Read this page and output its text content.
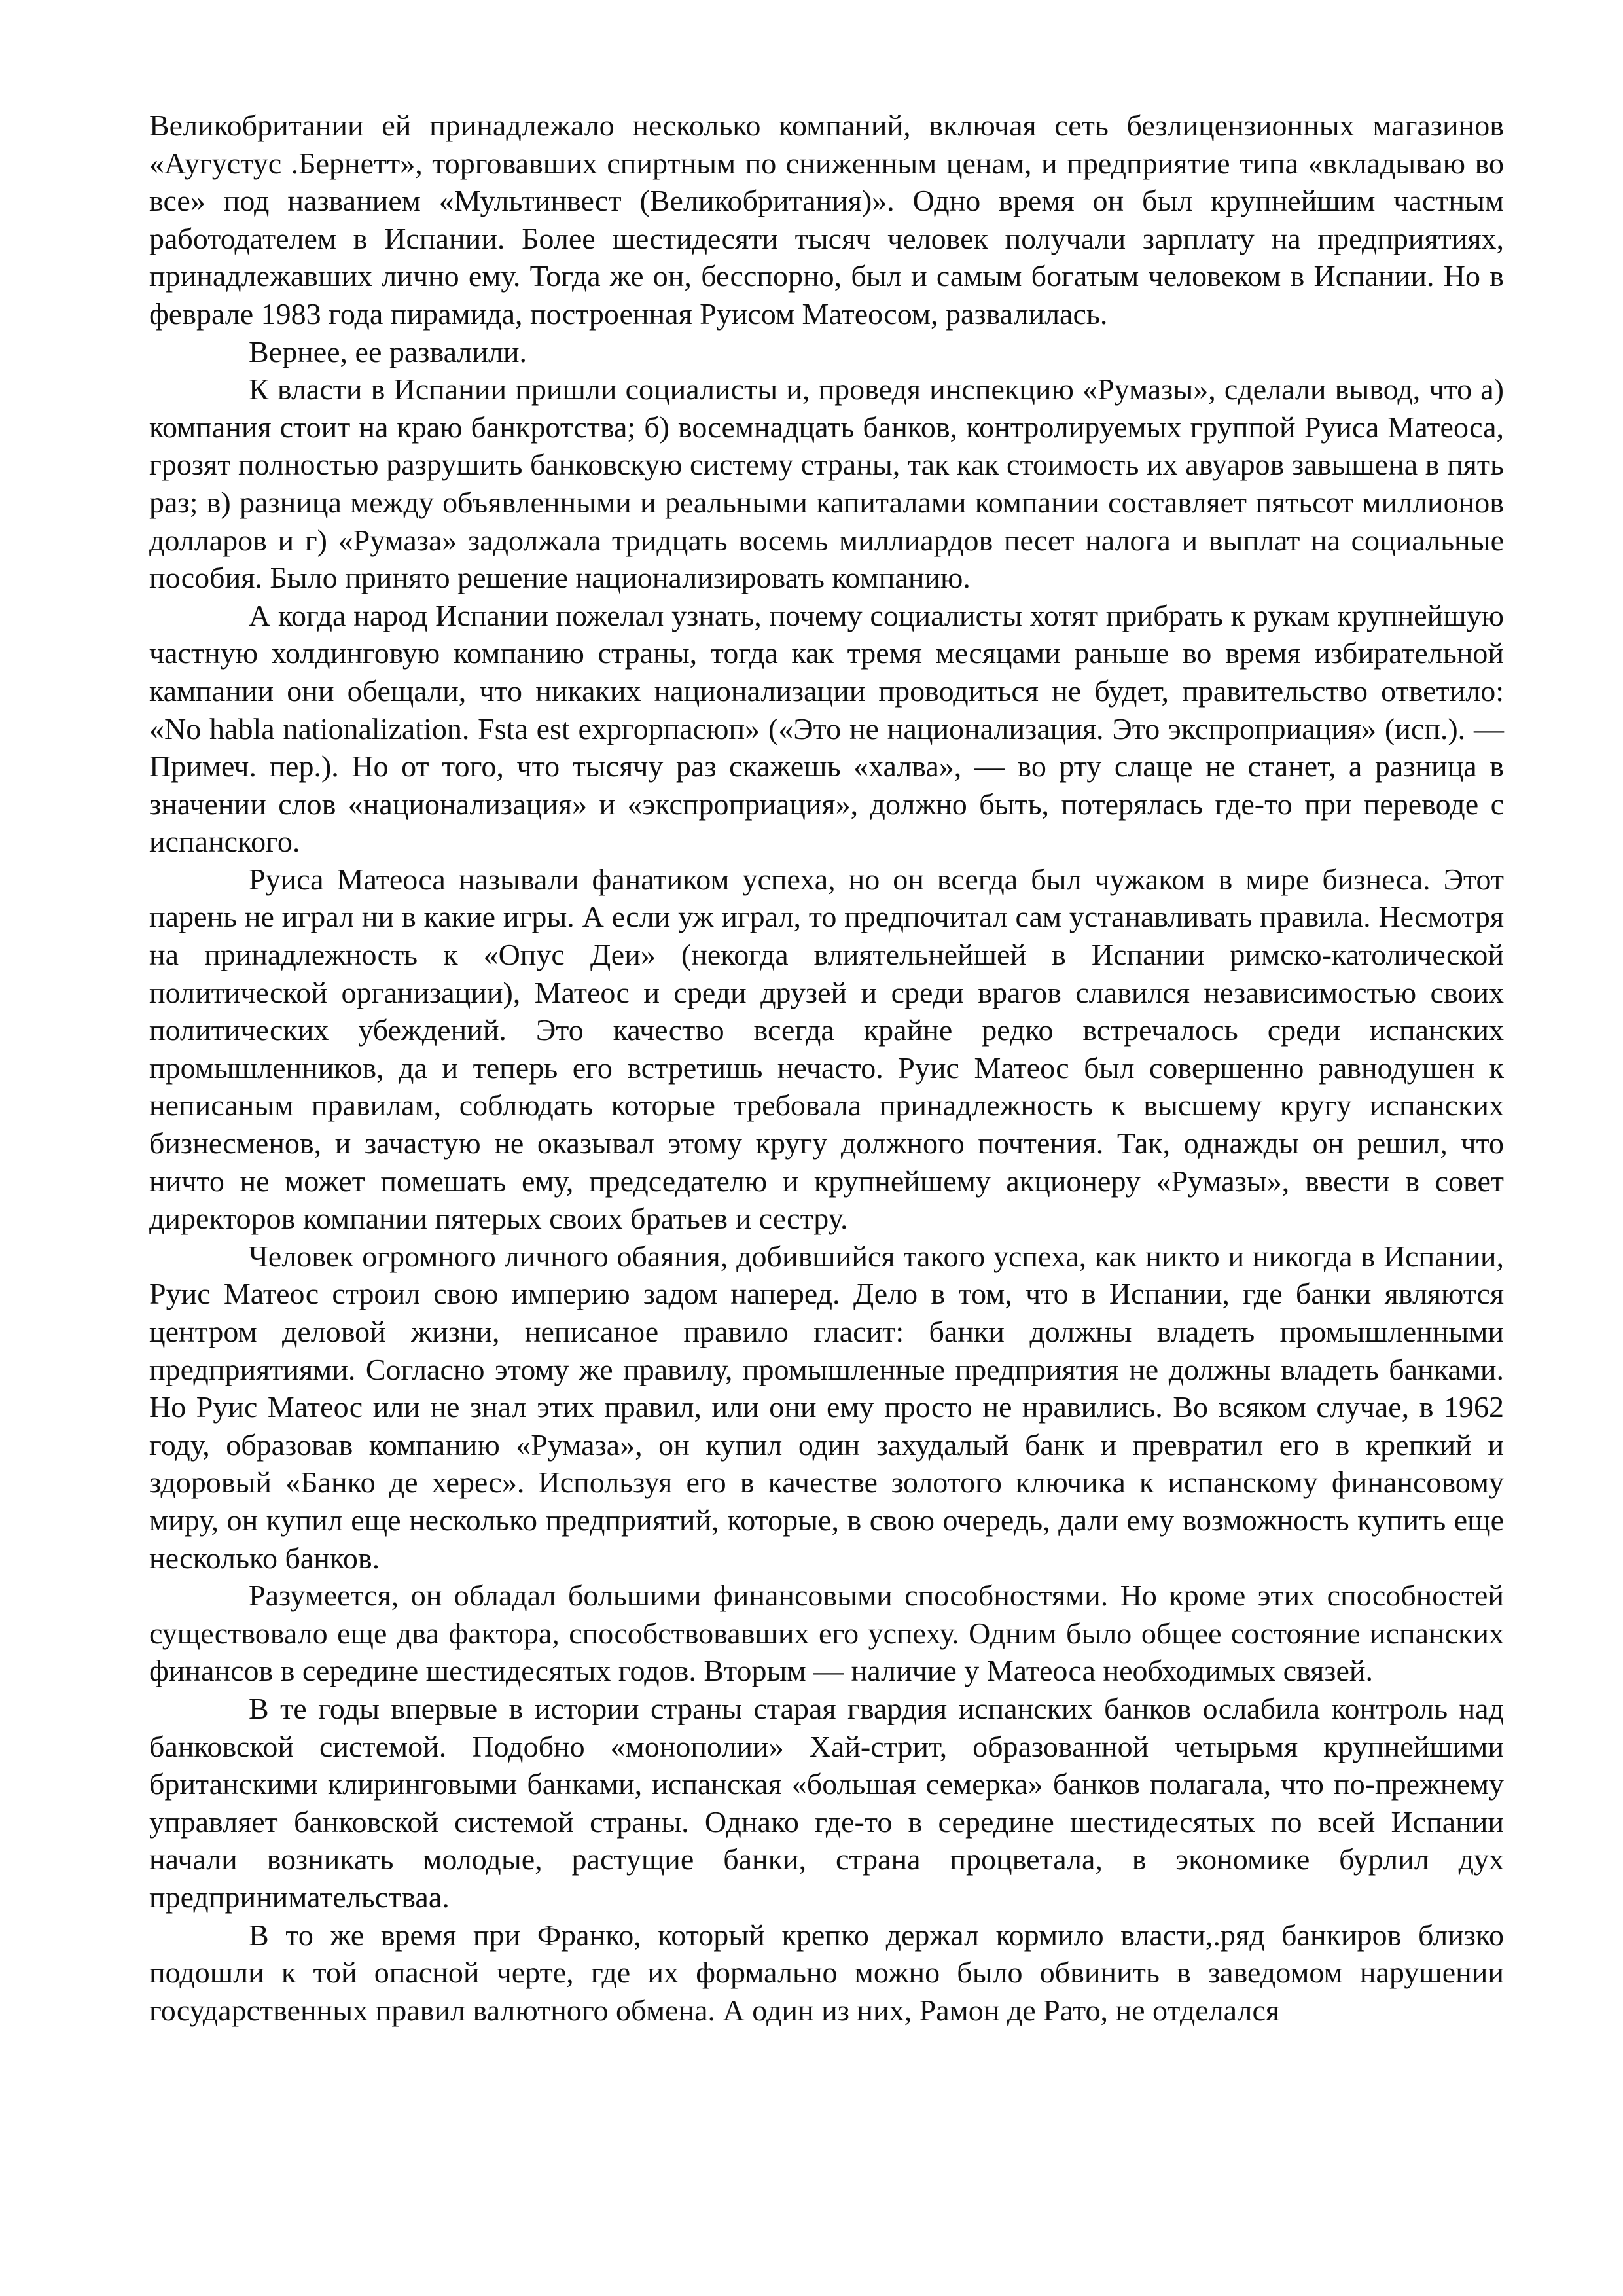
Великобритании ей принадлежало несколько компаний, включая сеть безлицензионных магазинов «Аугустус .Бернетт», торговавших спиртным по сниженным ценам, и предприятие типа «вкладываю во все» под названием «Мультинвест (Великобритания)». Одно время он был крупнейшим частным работодателем в Испании. Более шестидесяти тысяч человек получали зарплату на предприятиях, принадлежавших лично ему. Тогда же он, бесспорно, был и самым богатым человеком в Испании. Но в феврале 1983 года пирамида, построенная Руисом Матеосом, развалилась.

Вернее, ее развалили.

К власти в Испании пришли социалисты и, проведя инспекцию «Румазы», сделали вывод, что а) компания стоит на краю банкротства; б) восемнадцать банков, контролируемых группой Руиса Матеоса, грозят полностью разрушить банковскую систему страны, так как стоимость их авуаров завышена в пять раз; в) разница между объявленными и реальными капиталами компании составляет пятьсот миллионов долларов и г) «Румаза» задолжала тридцать восемь миллиардов песет налога и выплат на социальные пособия. Было принято решение национализировать компанию.

А когда народ Испании пожелал узнать, почему социалисты хотят прибрать к рукам крупнейшую частную холдинговую компанию страны, тогда как тремя месяцами раньше во время избирательной кампании они обещали, что никаких национализации проводиться не будет, правительство ответило: «No habla nationalization. Fsta est exргорпасюп» («Это не национализация. Это экспроприация» (исп.). — Примеч. пер.). Но от того, что тысячу раз скажешь «халва», — во рту слаще не станет, а разница в значении слов «национализация» и «экспроприация», должно быть, потерялась где-то при переводе с испанского.

Руиса Матеоса называли фанатиком успеха, но он всегда был чужаком в мире бизнеса. Этот парень не играл ни в какие игры. А если уж играл, то предпочитал сам устанавливать правила. Несмотря на принадлежность к «Опус Деи» (некогда влиятельнейшей в Испании римско-католической политической организации), Матеос и среди друзей и среди врагов славился независимостью своих политических убеждений. Это качество всегда крайне редко встречалось среди испанских промышленников, да и теперь его встретишь нечасто. Руис Матеос был совершенно равнодушен к неписаным правилам, соблюдать которые требовала принадлежность к высшему кругу испанских бизнесменов, и зачастую не оказывал этому кругу должного почтения. Так, однажды он решил, что ничто не может помешать ему, председателю и крупнейшему акционеру «Румазы», ввести в совет директоров компании пятерых своих братьев и сестру.

Человек огромного личного обаяния, добившийся такого успеха, как никто и никогда в Испании, Руис Матеос строил свою империю задом наперед. Дело в том, что в Испании, где банки являются центром деловой жизни, неписаное правило гласит: банки должны владеть промышленными предприятиями. Согласно этому же правилу, промышленные предприятия не должны владеть банками. Но Руис Матеос или не знал этих правил, или они ему просто не нравились. Во всяком случае, в 1962 году, образовав компанию «Румаза», он купил один захудалый банк и превратил его в крепкий и здоровый «Банко де херес». Используя его в качестве золотого ключика к испанскому финансовому миру, он купил еще несколько предприятий, которые, в свою очередь, дали ему возможность купить еще несколько банков.

Разумеется, он обладал большими финансовыми способностями. Но кроме этих способностей существовало еще два фактора, способствовавших его успеху. Одним было общее состояние испанских финансов в середине шестидесятых годов. Вторым — наличие у Матеоса необходимых связей.

В те годы впервые в истории страны старая гвардия испанских банков ослабила контроль над банковской системой. Подобно «монополии» Хай-стрит, образованной четырьмя крупнейшими британскими клиринговыми банками, испанская «большая семерка» банков полагала, что по-прежнему управляет банковской системой страны. Однако где-то в середине шестидесятых по всей Испании начали возникать молодые, растущие банки, страна процветала, в экономике бурлил дух предпринимательстваа.

В то же время при Франко, который крепко держал кормило власти,.ряд банкиров близко подошли к той опасной черте, где их формально можно было обвинить в заведомом нарушении государственных правил валютного обмена. А один из них, Рамон де Рато, не отделался
